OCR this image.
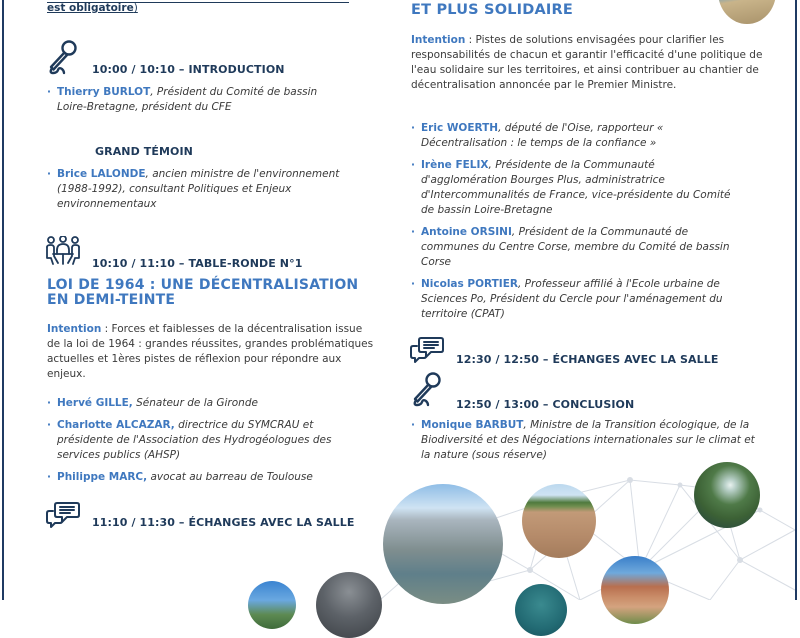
est obligatoire)
10:00 / 10:10 – INTRODUCTION
· Thierry BURLOT, Président du Comité de bassin Loire-Bretagne, président du CFE
GRAND TÉMOIN
· Brice LALONDE, ancien ministre de l'environnement (1988-1992), consultant Politiques et Enjeux environnementaux
10:10 / 11:10 – TABLE-RONDE N°1
LOI DE 1964 : UNE DÉCENTRALISATION
EN DEMI-TEINTE
Intention : Forces et faiblesses de la décentralisation issue de la loi de 1964 : grandes réussites, grandes problématiques actuelles et 1ères pistes de réflexion pour répondre aux enjeux.
· Hervé GILLE, Sénateur de la Gironde
· Charlotte ALCAZAR, directrice du SYMCRAU et présidente de l'Association des Hydrogéologues des services publics (AHSP)
· Philippe MARC, avocat au barreau de Toulouse
11:10 / 11:30 – ÉCHANGES AVEC LA SALLE
ET PLUS SOLIDAIRE
Intention : Pistes de solutions envisagées pour clarifier les responsabilités de chacun et garantir l'efficacité d'une politique de l'eau solidaire sur les territoires, et ainsi contribuer au chantier de décentralisation annoncée par le Premier Ministre.
· Eric WOERTH, député de l'Oise, rapporteur « Décentralisation : le temps de la confiance »
· Irène FELIX, Présidente de la Communauté d'agglomération Bourges Plus, administratrice d'Intercommunalités de France, vice-présidente du Comité de bassin Loire-Bretagne
· Antoine ORSINI, Président de la Communauté de communes du Centre Corse, membre du Comité de bassin Corse
· Nicolas PORTIER, Professeur affilié à l'Ecole urbaine de Sciences Po, Président du Cercle pour l'aménagement du territoire (CPAT)
12:30 / 12:50 – ÉCHANGES AVEC LA SALLE
12:50 / 13:00 – CONCLUSION
· Monique BARBUT, Ministre de la Transition écologique, de la Biodiversité et des Négociations internationales sur le climat et la nature (sous réserve)
